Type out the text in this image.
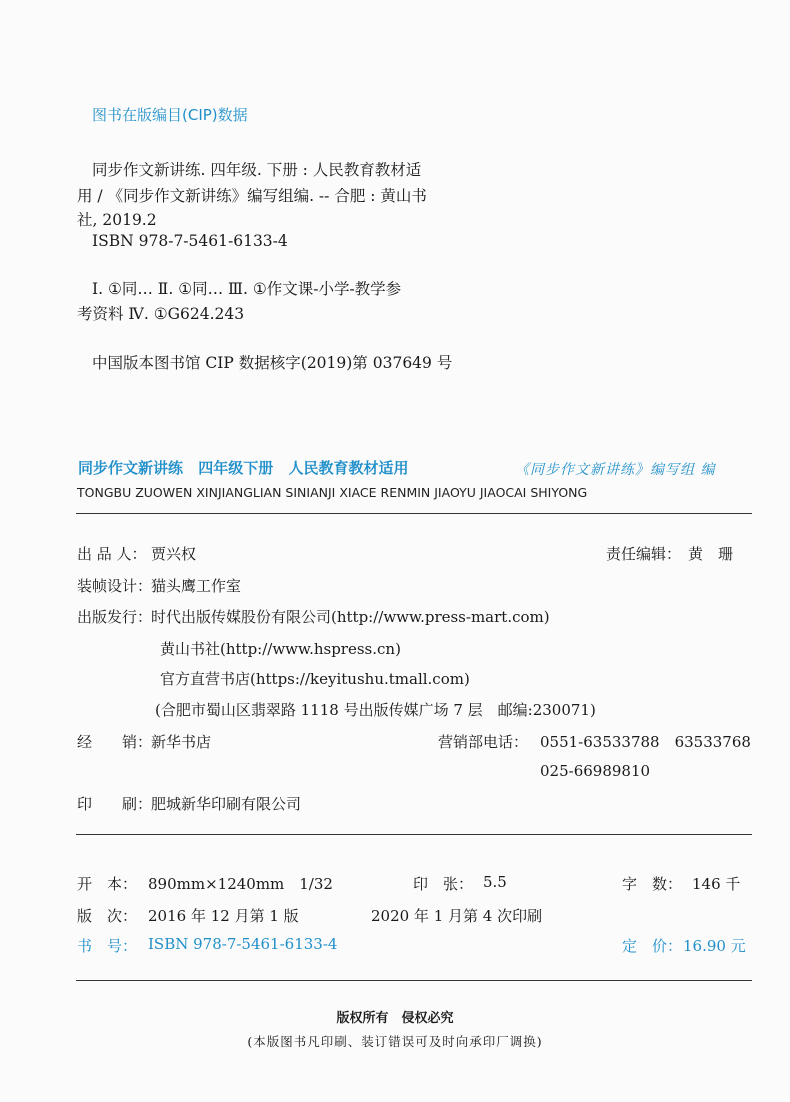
图书在版编目(CIP)数据
同步作文新讲练. 四年级. 下册 : 人民教育教材适
用 / 《同步作文新讲练》编写组编. -- 合肥 : 黄山书
社, 2019.2
ISBN 978-7-5461-6133-4
Ⅰ. ①同… Ⅱ. ①同… Ⅲ. ①作文课-小学-教学参
考资料 Ⅳ. ①G624.243
中国版本图书馆 CIP 数据核字(2019)第 037649 号
同步作文新讲练 四年级下册 人民教育教材适用	《同步作文新讲练》编写组 编
TONGBU ZUOWEN XINJIANGLIAN SINIANJI XIACE RENMIN JIAOYU JIAOCAI SHIYONG
出 品 人： 贾兴权	责任编辑： 黄　珊
装帧设计：
猫头鹰工作室
出版发行：
时代出版传媒股份有限公司(http://www.press-mart.com)
黄山书社(http://www.hspress.cn)
官方直营书店(https://keyitushu.tmall.com)
(合肥市蜀山区翡翠路 1118 号出版传媒广场 7 层　邮编:230071)
经　　销：
新华书店	营销部电话： 0551-63533788　63533768
025-66989810
印　　刷：
肥城新华印刷有限公司
开　本： 890mm×1240mm　1/32	印　张： 5.5	字　数： 146 千
版　次： 2016 年 12 月第 1 版	2020 年 1 月第 4 次印刷
书　号： ISBN 978-7-5461-6133-4	定　价： 16.90 元
版权所有　侵权必究
(本版图书凡印刷、装订错误可及时向承印厂调换)
